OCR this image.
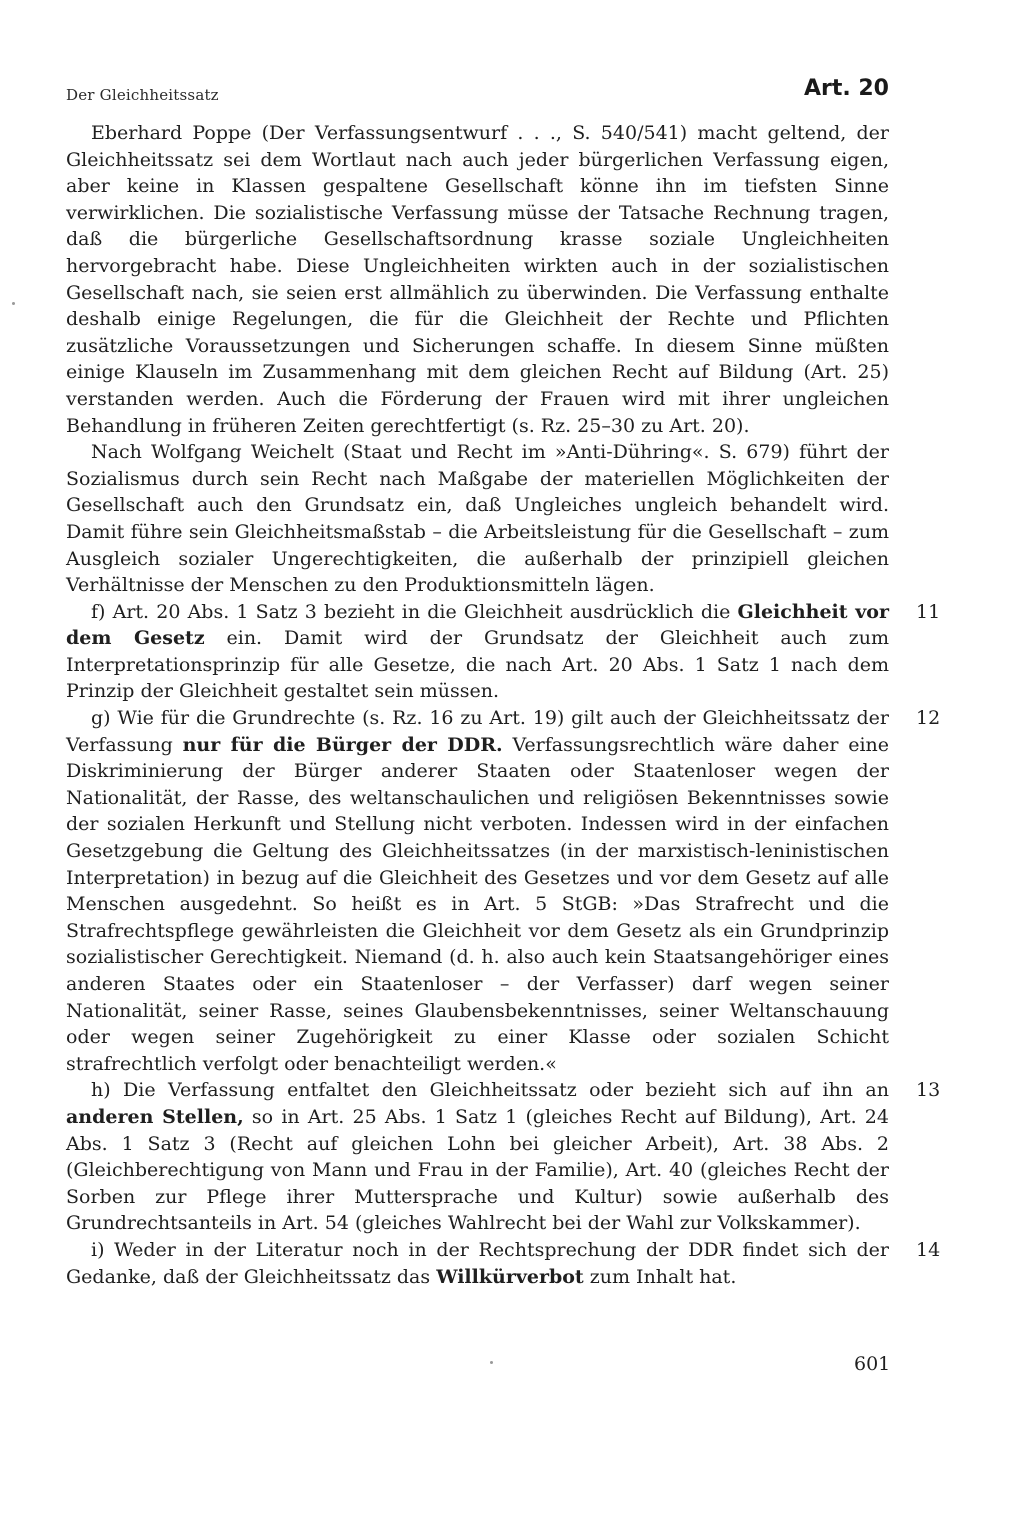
Der Gleichheitssatz	Art. 20

Eberhard Poppe (Der Verfassungsentwurf . . ., S. 540/541) macht geltend, der Gleichheitssatz sei dem Wortlaut nach auch jeder bürgerlichen Verfassung eigen, aber keine in Klassen gespaltene Gesellschaft könne ihn im tiefsten Sinne verwirklichen. Die sozialistische Verfassung müsse der Tatsache Rechnung tragen, daß die bürgerliche Gesellschaftsordnung krasse soziale Ungleichheiten hervorgebracht habe. Diese Ungleichheiten wirkten auch in der sozialistischen Gesellschaft nach, sie seien erst allmählich zu überwinden. Die Verfassung enthalte deshalb einige Regelungen, die für die Gleichheit der Rechte und Pflichten zusätzliche Voraussetzungen und Sicherungen schaffe. In diesem Sinne müßten einige Klauseln im Zusammenhang mit dem gleichen Recht auf Bildung (Art. 25) verstanden werden. Auch die Förderung der Frauen wird mit ihrer ungleichen Behandlung in früheren Zeiten gerechtfertigt (s. Rz. 25–30 zu Art. 20).

Nach Wolfgang Weichelt (Staat und Recht im »Anti-Dühring«. S. 679) führt der Sozialismus durch sein Recht nach Maßgabe der materiellen Möglichkeiten der Gesellschaft auch den Grundsatz ein, daß Ungleiches ungleich behandelt wird. Damit führe sein Gleichheitsmaßstab – die Arbeitsleistung für die Gesellschaft – zum Ausgleich sozialer Ungerechtigkeiten, die außerhalb der prinzipiell gleichen Verhältnisse der Menschen zu den Produktionsmitteln lägen.

f) Art. 20 Abs. 1 Satz 3 bezieht in die Gleichheit ausdrücklich die Gleichheit vor dem Gesetz ein. Damit wird der Grundsatz der Gleichheit auch zum Interpretationsprinzip für alle Gesetze, die nach Art. 20 Abs. 1 Satz 1 nach dem Prinzip der Gleichheit gestaltet sein müssen.
11

g) Wie für die Grundrechte (s. Rz. 16 zu Art. 19) gilt auch der Gleichheitssatz der Verfassung nur für die Bürger der DDR. Verfassungsrechtlich wäre daher eine Diskriminierung der Bürger anderer Staaten oder Staatenloser wegen der Nationalität, der Rasse, des weltanschaulichen und religiösen Bekenntnisses sowie der sozialen Herkunft und Stellung nicht verboten. Indessen wird in der einfachen Gesetzgebung die Geltung des Gleichheitssatzes (in der marxistisch-leninistischen Interpretation) in bezug auf die Gleichheit des Gesetzes und vor dem Gesetz auf alle Menschen ausgedehnt. So heißt es in Art. 5 StGB: »Das Strafrecht und die Strafrechtspflege gewährleisten die Gleichheit vor dem Gesetz als ein Grundprinzip sozialistischer Gerechtigkeit. Niemand (d. h. also auch kein Staatsangehöriger eines anderen Staates oder ein Staatenloser – der Verfasser) darf wegen seiner Nationalität, seiner Rasse, seines Glaubensbekenntnisses, seiner Weltanschauung oder wegen seiner Zugehörigkeit zu einer Klasse oder sozialen Schicht strafrechtlich verfolgt oder benachteiligt werden.«
12

h) Die Verfassung entfaltet den Gleichheitssatz oder bezieht sich auf ihn an anderen Stellen, so in Art. 25 Abs. 1 Satz 1 (gleiches Recht auf Bildung), Art. 24 Abs. 1 Satz 3 (Recht auf gleichen Lohn bei gleicher Arbeit), Art. 38 Abs. 2 (Gleichberechtigung von Mann und Frau in der Familie), Art. 40 (gleiches Recht der Sorben zur Pflege ihrer Muttersprache und Kultur) sowie außerhalb des Grundrechtsanteils in Art. 54 (gleiches Wahlrecht bei der Wahl zur Volkskammer).
13

i) Weder in der Literatur noch in der Rechtsprechung der DDR findet sich der Gedanke, daß der Gleichheitssatz das Willkürverbot zum Inhalt hat.
14

601
